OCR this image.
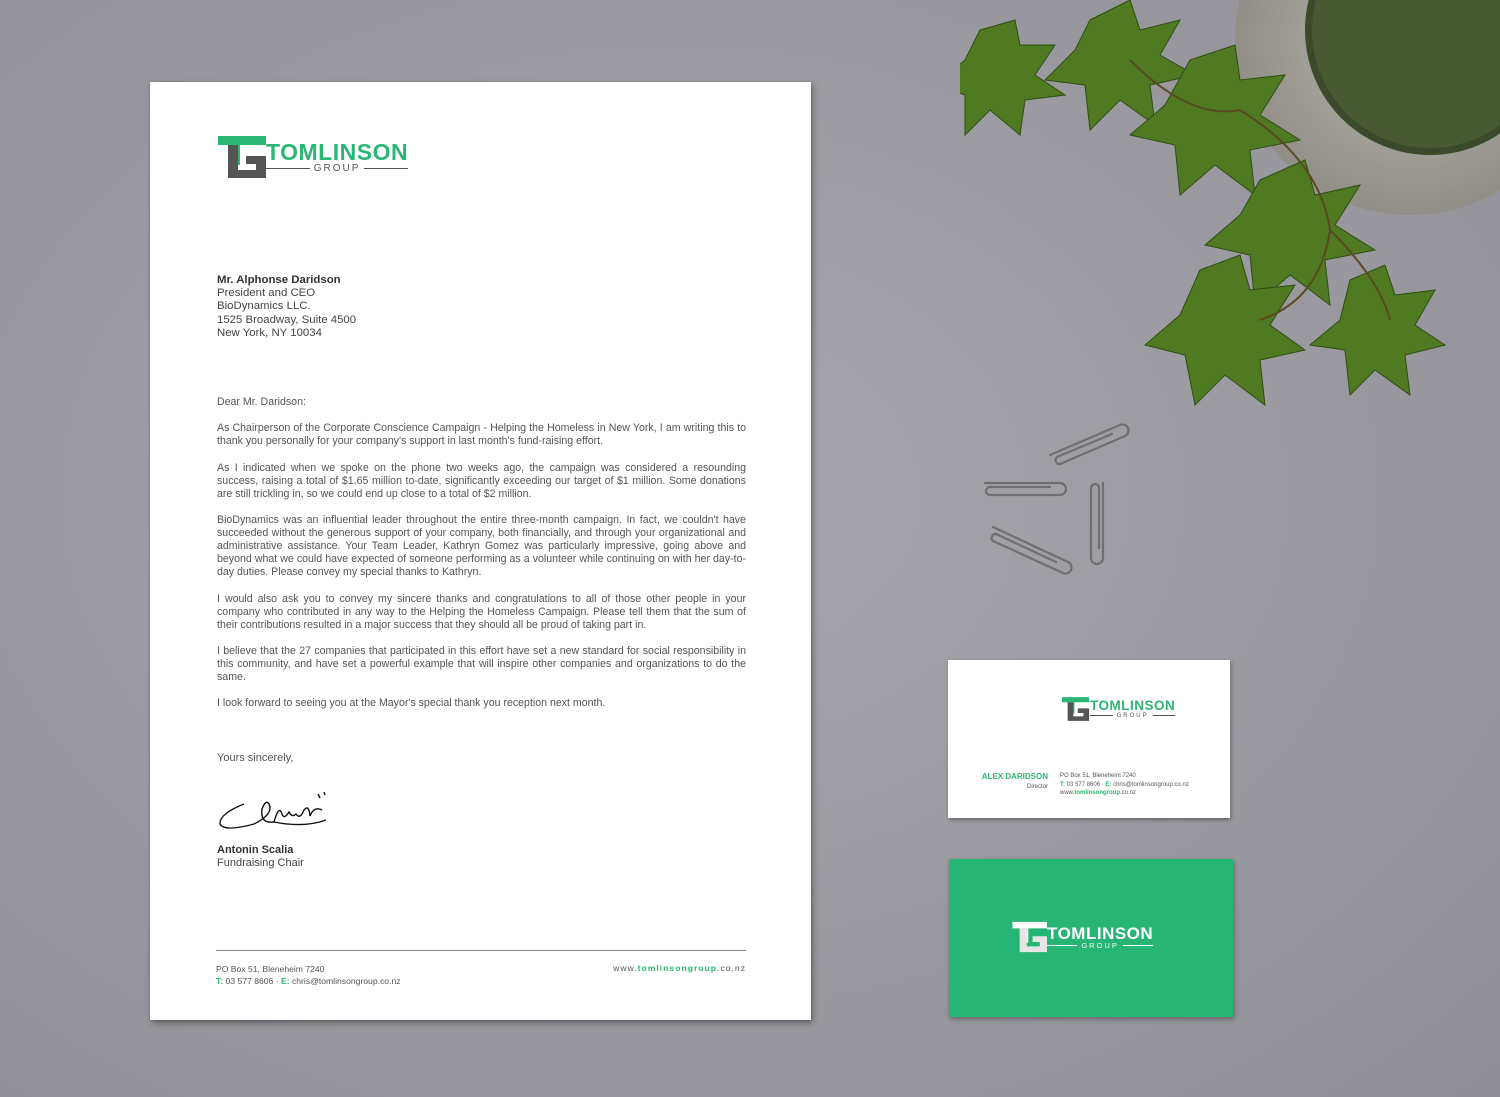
TOMLINSON
GROUP
Mr. Alphonse Daridson
President and CEO
BioDynamics LLC.
1525 Broadway, Suite 4500
New York, NY 10034

Dear Mr. Daridson:

As Chairperson of the Corporate Conscience Campaign - Helping the Homeless in New York, I am writing this to thank you personally for your company's support in last month's fund-raising effort.

As I indicated when we spoke on the phone two weeks ago, the campaign was considered a resounding success, raising a total of $1.65 million to-date, significantly exceeding our target of $1 million. Some donations are still trickling in, so we could end up close to a total of $2 million.

BioDynamics was an influential leader throughout the entire three-month campaign. In fact, we couldn't have succeeded without the generous support of your company, both financially, and through your organizational and administrative assistance. Your Team Leader, Kathryn Gomez was particularly impressive, going above and beyond what we could have expected of someone performing as a volunteer while continuing on with her day-to-day duties. Please convey my special thanks to Kathryn.

I would also ask you to convey my sincere thanks and congratulations to all of those other people in your company who contributed in any way to the Helping the Homeless Campaign. Please tell them that the sum of their contributions resulted in a major success that they should all be proud of taking part in.

I believe that the 27 companies that participated in this effort have set a new standard for social responsibility in this community, and have set a powerful example that will inspire other companies and organizations to do the same.

I look forward to seeing you at the Mayor's special thank you reception next month.

Yours sincerely,
Antonin Scalia
Fundraising Chair
PO Box 51, Bleneheim 7240
T: 03 577 8606 · E: chris@tomlinsongroup.co.nz
www.tomlinsongroup.co.nz
TOMLINSON
GROUP
ALEX DARIDSON
Director
PO Box 51, Bleneheim 7240
T: 03 577 8606 · E: chris@tomlinsongroup.co.nz
www.tomlinsongroup.co.nz
TOMLINSON
GROUP
